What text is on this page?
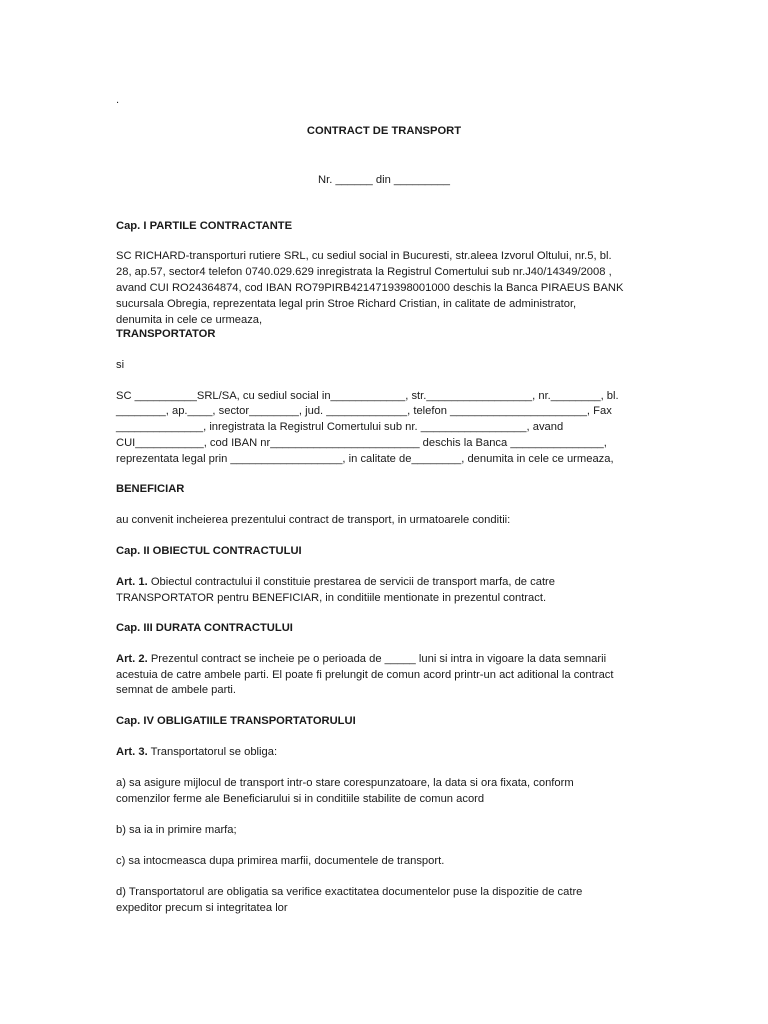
.
CONTRACT DE TRANSPORT
Nr. ______ din _________
Cap. I PARTILE CONTRACTANTE
SC RICHARD-transporturi rutiere SRL, cu sediul social in Bucuresti, str.aleea Izvorul Oltului, nr.5, bl.
28, ap.57, sector4 telefon 0740.029.629 inregistrata la Registrul Comertului sub nr.J40/14349/2008 ,
avand CUI RO24364874, cod IBAN RO79PIRB4214719398001000 deschis la Banca PIRAEUS BANK
sucursala Obregia, reprezentata legal prin Stroe Richard Cristian, in calitate de administrator,
denumita in cele ce urmeaza,
TRANSPORTATOR
si
SC __________SRL/SA, cu sediul social in____________, str._________________, nr.________, bl.
________, ap.____, sector________, jud. _____________, telefon ______________________, Fax
______________, inregistrata la Registrul Comertului sub nr. _________________, avand
CUI___________, cod IBAN nr________________________ deschis la Banca _______________,
reprezentata legal prin __________________, in calitate de________, denumita in cele ce urmeaza,
BENEFICIAR
au convenit incheierea prezentului contract de transport, in urmatoarele conditii:
Cap. II OBIECTUL CONTRACTULUI
Art. 1. Obiectul contractului il constituie prestarea de servicii de transport marfa, de catre
TRANSPORTATOR pentru BENEFICIAR, in conditiile mentionate in prezentul contract.
Cap. III DURATA CONTRACTULUI
Art. 2. Prezentul contract se incheie pe o perioada de _____ luni si intra in vigoare la data semnarii
acestuia de catre ambele parti. El poate fi prelungit de comun acord printr-un act aditional la contract
semnat de ambele parti.
Cap. IV OBLIGATIILE TRANSPORTATORULUI
Art. 3. Transportatorul se obliga:
a) sa asigure mijlocul de transport intr-o stare corespunzatoare, la data si ora fixata, conform
comenzilor ferme ale Beneficiarului si in conditiile stabilite de comun acord
b) sa ia in primire marfa;
c) sa intocmeasca dupa primirea marfii, documentele de transport.
d) Transportatorul are obligatia sa verifice exactitatea documentelor puse la dispozitie de catre
expeditor precum si integritatea lor
